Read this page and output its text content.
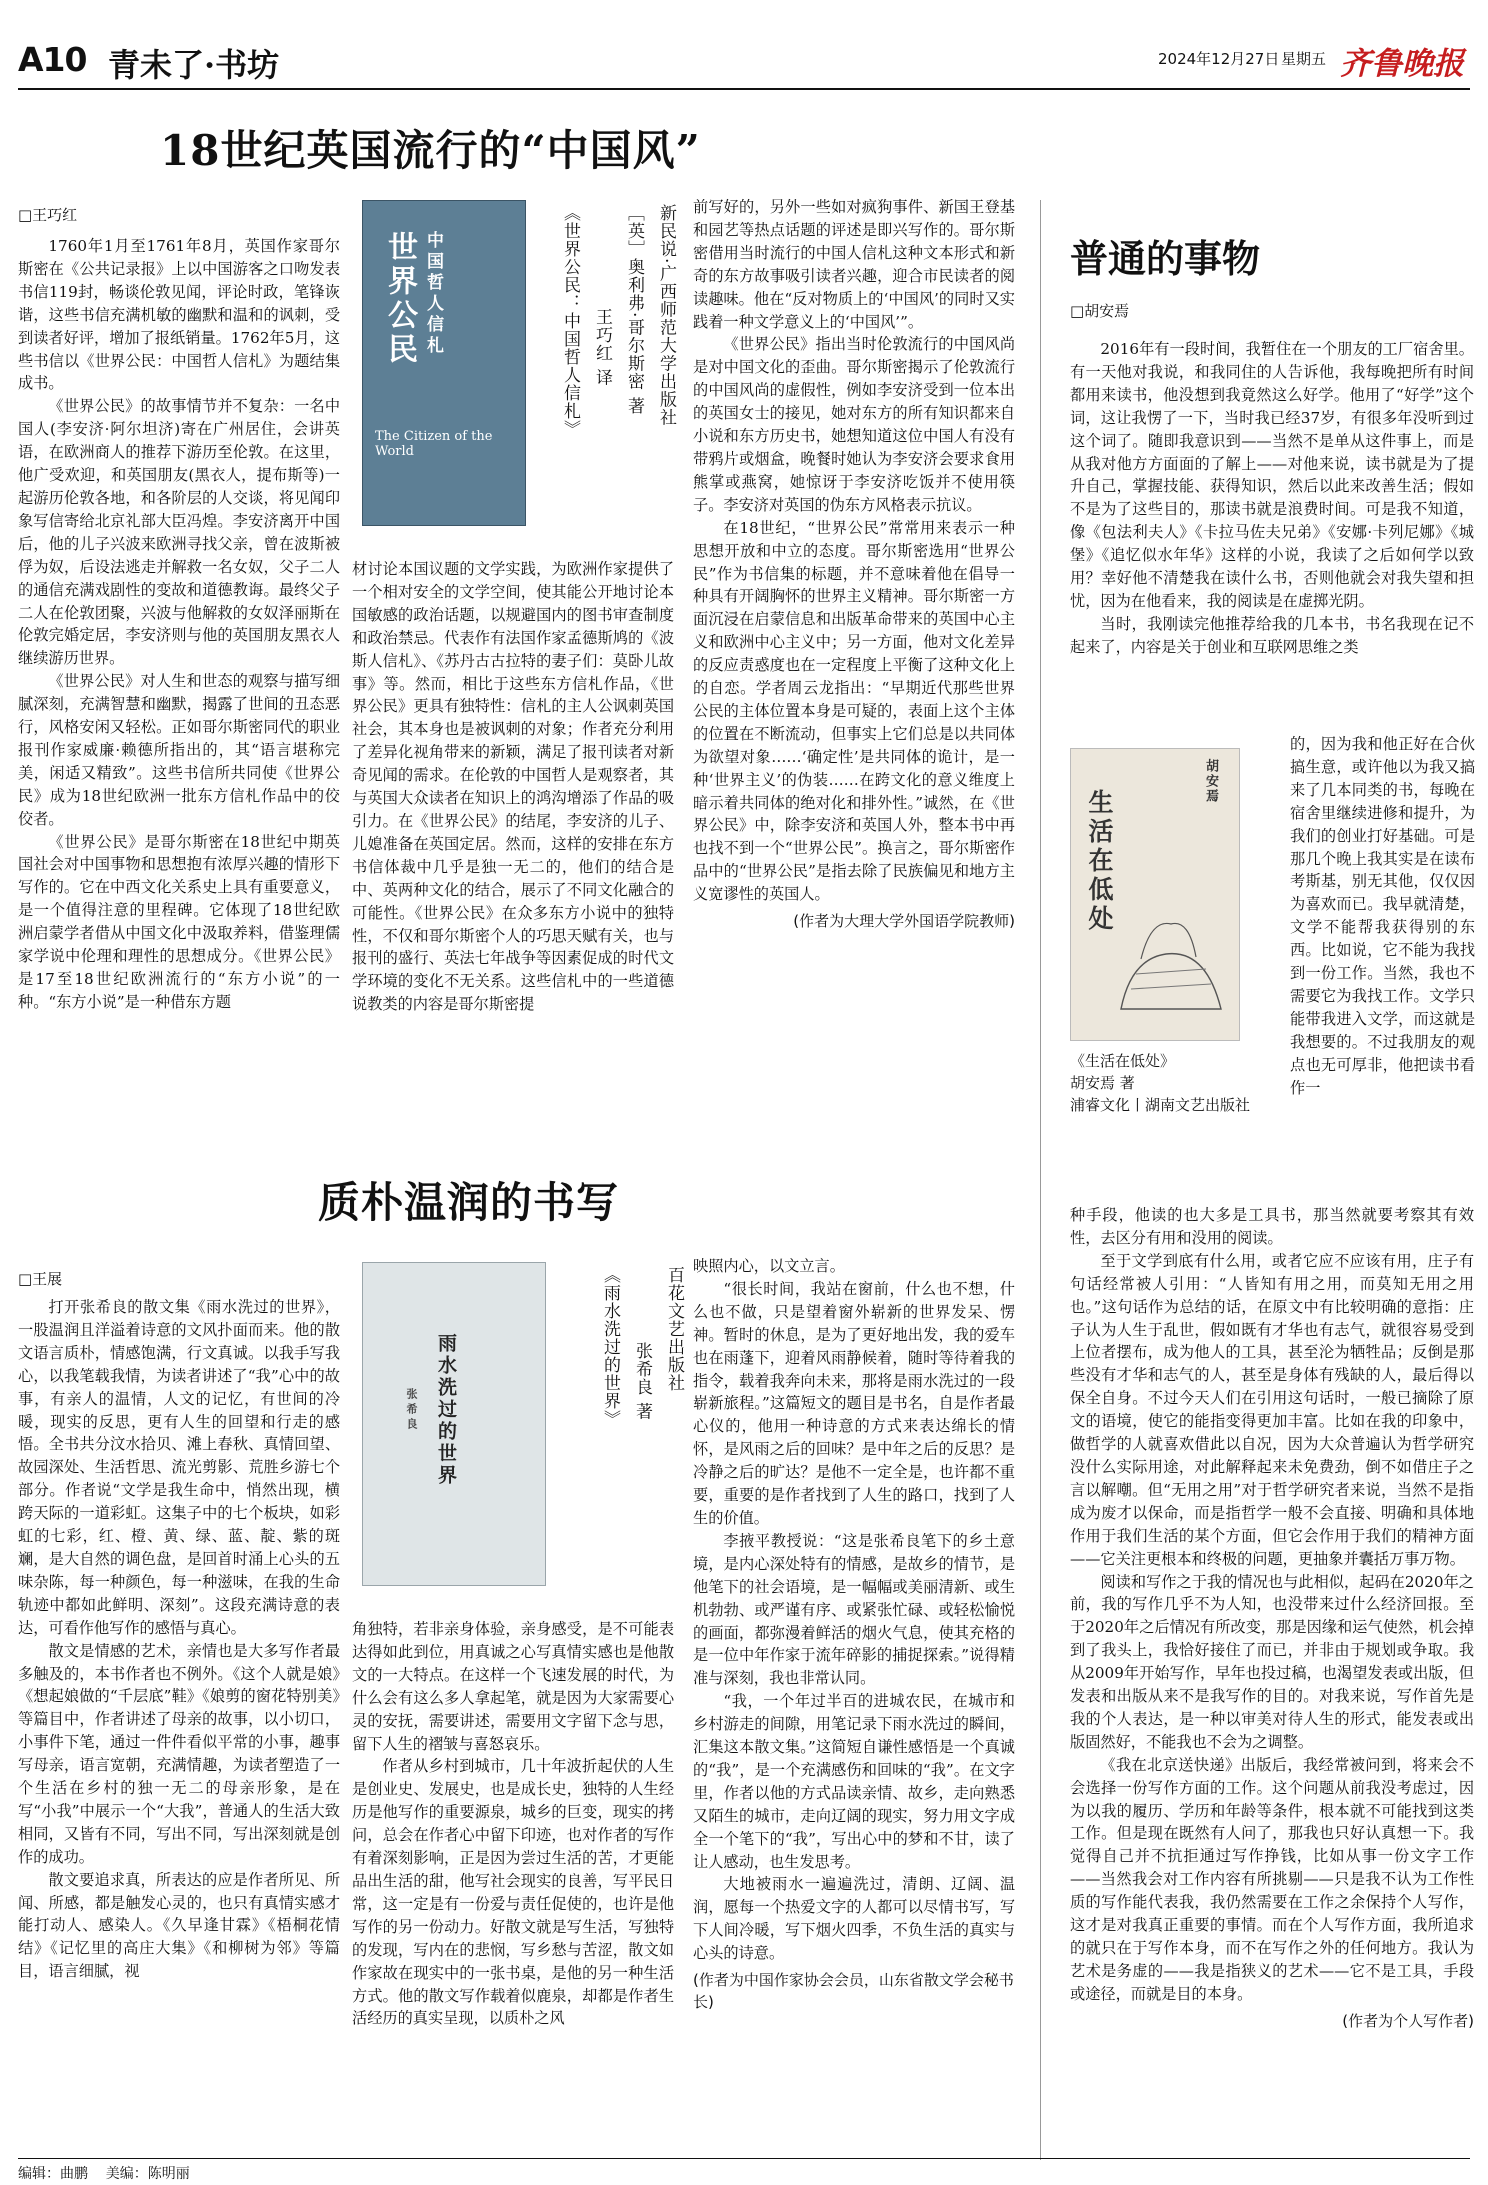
A10 青未了·书坊	2024年12月27日 星期五 齐鲁晚报
18世纪英国流行的“中国风”
□王巧红

1760年1月至1761年8月，英国作家哥尔斯密在《公共记录报》上以中国游客之口吻发表书信119封，畅谈伦敦见闻，评论时政，笔锋诙谐，这些书信充满机敏的幽默和温和的讽刺，受到读者好评，增加了报纸销量。1762年5月，这些书信以《世界公民：中国哲人信札》为题结集成书。

《世界公民》的故事情节并不复杂：一名中国人(李安济·阿尔坦济)寄在广州居住，会讲英语，在欧洲商人的推荐下游历至伦敦。在这里，他广受欢迎，和英国朋友(黑衣人，提布斯等)一起游历伦敦各地，和各阶层的人交谈，将见闻印象写信寄给北京礼部大臣冯煌。李安济离开中国后，他的儿子兴波来欧洲寻找父亲，曾在波斯被俘为奴，后设法逃走并解救一名女奴，父子二人的通信充满戏剧性的变故和道德教诲。最终父子二人在伦敦团聚，兴波与他解救的女奴泽丽斯在伦敦完婚定居，李安济则与他的英国朋友黑衣人继续游历世界。

《世界公民》对人生和世态的观察与描写细腻深刻，充满智慧和幽默，揭露了世间的丑态恶行，风格安闲又轻松。正如哥尔斯密同代的职业报刊作家威廉·赖德所指出的，其“语言堪称完美，闲适又精致”。这些书信所共同使《世界公民》成为18世纪欧洲一批东方信札作品中的佼佼者。

《世界公民》是哥尔斯密在18世纪中期英国社会对中国事物和思想抱有浓厚兴趣的情形下写作的。它在中西文化关系史上具有重要意义，是一个值得注意的里程碑。它体现了18世纪欧洲启蒙学者借从中国文化中汲取养料，借鉴理儒家学说中伦理和理性的思想成分。《世界公民》是17至18世纪欧洲流行的“东方小说”的一种。“东方小说”是一种借东方题

世界公民 中国哲人信札
The Citizen of the World
新民说·广西师范大学出版社
［英］奥利弗·哥尔斯密 著
王巧红 译
《世界公民：中国哲人信札》

材讨论本国议题的文学实践，为欧洲作家提供了一个相对安全的文学空间，使其能公开地讨论本国敏感的政治话题，以规避国内的图书审查制度和政治禁忌。代表作有法国作家孟德斯鸠的《波斯人信札》、《苏丹古古拉特的妻子们：莫卧儿故事》等。然而，相比于这些东方信札作品，《世界公民》更具有独特性：信札的主人公讽刺英国社会，其本身也是被讽刺的对象；作者充分利用了差异化视角带来的新颖，满足了报刊读者对新奇见闻的需求。在伦敦的中国哲人是观察者，其与英国大众读者在知识上的鸿沟增添了作品的吸引力。在《世界公民》的结尾，李安济的儿子、儿媳准备在英国定居。然而，这样的安排在东方书信体裁中几乎是独一无二的，他们的结合是中、英两种文化的结合，展示了不同文化融合的可能性。《世界公民》在众多东方小说中的独特性，不仅和哥尔斯密个人的巧思天赋有关，也与报刊的盛行、英法七年战争等因素促成的时代文学环境的变化不无关系。这些信札中的一些道德说教类的内容是哥尔斯密提

前写好的，另外一些如对疯狗事件、新国王登基和园艺等热点话题的评述是即兴写作的。哥尔斯密借用当时流行的中国人信札这种文本形式和新奇的东方故事吸引读者兴趣，迎合市民读者的阅读趣味。他在“反对物质上的‘中国风’的同时又实践着一种文学意义上的‘中国风’”。

《世界公民》指出当时伦敦流行的中国风尚是对中国文化的歪曲。哥尔斯密揭示了伦敦流行的中国风尚的虚假性，例如李安济受到一位本出的英国女士的接见，她对东方的所有知识都来自小说和东方历史书，她想知道这位中国人有没有带鸦片或烟盒，晚餐时她认为李安济会要求食用熊掌或燕窝，她惊讶于李安济吃饭并不使用筷子。李安济对英国的伪东方风格表示抗议。

在18世纪，“世界公民”常常用来表示一种思想开放和中立的态度。哥尔斯密选用“世界公民”作为书信集的标题，并不意味着他在倡导一种具有开阔胸怀的世界主义精神。哥尔斯密一方面沉浸在启蒙信息和出版革命带来的英国中心主义和欧洲中心主义中；另一方面，他对文化差异的反应责惑度也在一定程度上平衡了这种文化上的自恋。学者周云龙指出：“早期近代那些世界公民的主体位置本身是可疑的，表面上这个主体的位置在不断流动，但事实上它们总是以共同体为欲望对象……‘确定性’是共同体的诡计，是一种‘世界主义’的伪装……在跨文化的意义维度上暗示着共同体的绝对化和排外性。”诚然，在《世界公民》中，除李安济和英国人外，整本书中再也找不到一个“世界公民”。换言之，哥尔斯密作品中的“世界公民”是指去除了民族偏见和地方主义宽谬性的英国人。

(作者为大理大学外国语学院教师)
普通的事物
□胡安焉

2016年有一段时间，我暂住在一个朋友的工厂宿舍里。有一天他对我说，和我同住的人告诉他，我每晚把所有时间都用来读书，他没想到我竟然这么好学。他用了“好学”这个词，这让我愣了一下，当时我已经37岁，有很多年没听到过这个词了。随即我意识到——当然不是单从这件事上，而是从我对他方方面面的了解上——对他来说，读书就是为了提升自己，掌握技能、获得知识，然后以此来改善生活；假如不是为了这些目的，那读书就是浪费时间。可是我不知道，像《包法利夫人》《卡拉马佐夫兄弟》《安娜·卡列尼娜》《城堡》《追忆似水年华》这样的小说，我读了之后如何学以致用？幸好他不清楚我在读什么书，否则他就会对我失望和担忧，因为在他看来，我的阅读是在虚掷光阴。

当时，我刚读完他推荐给我的几本书，书名我现在记不起来了，内容是关于创业和互联网思维之类

生活在低处
胡安焉
《生活在低处》
胡安焉 著
浦睿文化丨湖南文艺出版社

的，因为我和他正好在合伙搞生意，或许他以为我又搞来了几本同类的书，每晚在宿舍里继续进修和提升，为我们的创业打好基础。可是那几个晚上我其实是在读布考斯基，别无其他，仅仅因为喜欢而已。我早就清楚，文学不能帮我获得别的东西。比如说，它不能为我找到一份工作。当然，我也不需要它为我找工作。文学只能带我进入文学，而这就是我想要的。不过我朋友的观点也无可厚非，他把读书看作一

种手段，他读的也大多是工具书，那当然就要考察其有效性，去区分有用和没用的阅读。

至于文学到底有什么用，或者它应不应该有用，庄子有句话经常被人引用：“人皆知有用之用，而莫知无用之用也。”这句话作为总结的话，在原文中有比较明确的意指：庄子认为人生于乱世，假如既有才华也有志气，就很容易受到上位者摆布，成为他人的工具，甚至沦为牺牲品；反倒是那些没有才华和志气的人，甚至是身体有残缺的人，最后得以保全自身。不过今天人们在引用这句话时，一般已摘除了原文的语境，使它的能指变得更加丰富。比如在我的印象中，做哲学的人就喜欢借此以自况，因为大众普遍认为哲学研究没什么实际用途，对此解释起来未免费劲，倒不如借庄子之言以解嘲。但“无用之用”对于哲学研究者来说，当然不是指成为废才以保命，而是指哲学一般不会直接、明确和具体地作用于我们生活的某个方面，但它会作用于我们的精神方面——它关注更根本和终极的问题，更抽象并囊括万事万物。

阅读和写作之于我的情况也与此相似，起码在2020年之前，我的写作几乎不为人知，也没带来过什么经济回报。至于2020年之后情况有所改变，那是因缘和运气使然，机会掉到了我头上，我恰好接住了而已，并非由于规划或争取。我从2009年开始写作，早年也投过稿，也渴望发表或出版，但发表和出版从来不是我写作的目的。对我来说，写作首先是我的个人表达，是一种以审美对待人生的形式，能发表或出版固然好，不能我也不会为之调整。

《我在北京送快递》出版后，我经常被问到，将来会不会选择一份写作方面的工作。这个问题从前我没考虑过，因为以我的履历、学历和年龄等条件，根本就不可能找到这类工作。但是现在既然有人问了，那我也只好认真想一下。我觉得自己并不抗拒通过写作挣钱，比如从事一份文字工作——当然我会对工作内容有所挑剔——只是我不认为工作性质的写作能代表我，我仍然需要在工作之余保持个人写作，这才是对我真正重要的事情。而在个人写作方面，我所追求的就只在于写作本身，而不在写作之外的任何地方。我认为艺术是务虚的——我是指狭义的艺术——它不是工具，手段或途径，而就是目的本身。

(作者为个人写作者)
质朴温润的书写
□王展

打开张希良的散文集《雨水洗过的世界》，一股温润且洋溢着诗意的文风扑面而来。他的散文语言质朴，情感饱满，行文真诚。以我手写我心，以我笔载我情，为读者讲述了“我”心中的故事，有亲人的温情，人文的记忆，有世间的冷暖，现实的反思，更有人生的回望和行走的感悟。全书共分汶水拾贝、滩上春秋、真情回望、故园深处、生活哲思、流光剪影、荒胜乡游七个部分。作者说“文学是我生命中，悄然出现，横跨天际的一道彩虹。这集子中的七个板块，如彩虹的七彩，红、橙、黄、绿、蓝、靛、紫的斑斓，是大自然的调色盘，是回首时涌上心头的五味杂陈，每一种颜色，每一种滋味，在我的生命轨迹中都如此鲜明、深刻”。这段充满诗意的表达，可看作他写作的感悟与真心。

散文是情感的艺术，亲情也是大多写作者最多触及的，本书作者也不例外。《这个人就是娘》《想起娘做的“千层底”鞋》《娘剪的窗花特别美》等篇目中，作者讲述了母亲的故事，以小切口，小事件下笔，通过一件件看似平常的小事，趣事写母亲，语言宽朝，充满情趣，为读者塑造了一个生活在乡村的独一无二的母亲形象，是在写“小我”中展示一个“大我”，普通人的生活大致相同，又皆有不同，写出不同，写出深刻就是创作的成功。

散文要追求真，所表达的应是作者所见、所闻、所感，都是触发心灵的，也只有真情实感才能打动人、感染人。《久早逢甘霖》《梧桐花情结》《记忆里的高庄大集》《和柳树为邻》等篇目，语言细腻，视

雨水洗过的世界
张希良
百花文艺出版社
张希良 著
《雨水洗过的世界》

角独特，若非亲身体验，亲身感受，是不可能表达得如此到位，用真诚之心写真情实感也是他散文的一大特点。在这样一个飞速发展的时代，为什么会有这么多人拿起笔，就是因为大家需要心灵的安抚，需要讲述，需要用文字留下念与思，留下人生的褶皱与喜怒哀乐。

作者从乡村到城市，几十年波折起伏的人生是创业史、发展史，也是成长史，独特的人生经历是他写作的重要源泉，城乡的巨变，现实的拷问，总会在作者心中留下印迹，也对作者的写作有着深刻影响，正是因为尝过生活的苦，才更能品出生活的甜，他写社会现实的良善，写平民日常，这一定是有一份爱与责任促使的，也许是他写作的另一份动力。好散文就是写生活，写独特的发现，写内在的悲悯，写乡愁与苦涩，散文如作家故在现实中的一张书桌，是他的另一种生活方式。他的散文写作载着似鹿泉，却都是作者生活经历的真实呈现，以质朴之风

映照内心，以文立言。

“很长时间，我站在窗前，什么也不想，什么也不做，只是望着窗外崭新的世界发呆、愣神。暂时的休息，是为了更好地出发，我的爱车也在雨蓬下，迎着风雨静候着，随时等待着我的指令，载着我奔向未来，那将是雨水洗过的一段崭新旅程。”这篇短文的题目是书名，自是作者最心仪的，他用一种诗意的方式来表达绵长的情怀，是风雨之后的回味？是中年之后的反思？是冷静之后的旷达？是他不一定全是，也许都不重要，重要的是作者找到了人生的路口，找到了人生的价值。

李掖平教授说：“这是张希良笔下的乡土意境，是内心深处特有的情感，是故乡的情节，是他笔下的社会语境，是一幅幅或美丽清新、或生机勃勃、或严谨有序、或紧张忙碌、或轻松愉悦的画面，都弥漫着鲜活的烟火气息，使其充格的是一位中年作家于流年碎影的捕捉探索。”说得精准与深刻，我也非常认同。

“我，一个年过半百的进城农民，在城市和乡村游走的间隙，用笔记录下雨水洗过的瞬间，汇集这本散文集。”这简短自谦性感悟是一个真诚的“我”，是一个充满感伤和回味的“我”。在文字里，作者以他的方式品读亲情、故乡，走向熟悉又陌生的城市，走向辽阔的现实，努力用文字成全一个笔下的“我”，写出心中的梦和不甘，读了让人感动，也生发思考。

大地被雨水一遍遍洗过，清朗、辽阔、温润，愿每一个热爱文字的人都可以尽情书写，写下人间冷暖，写下烟火四季，不负生活的真实与心头的诗意。

(作者为中国作家协会会员，山东省散文学会秘书长)
编辑：曲鹏    美编：陈明丽
